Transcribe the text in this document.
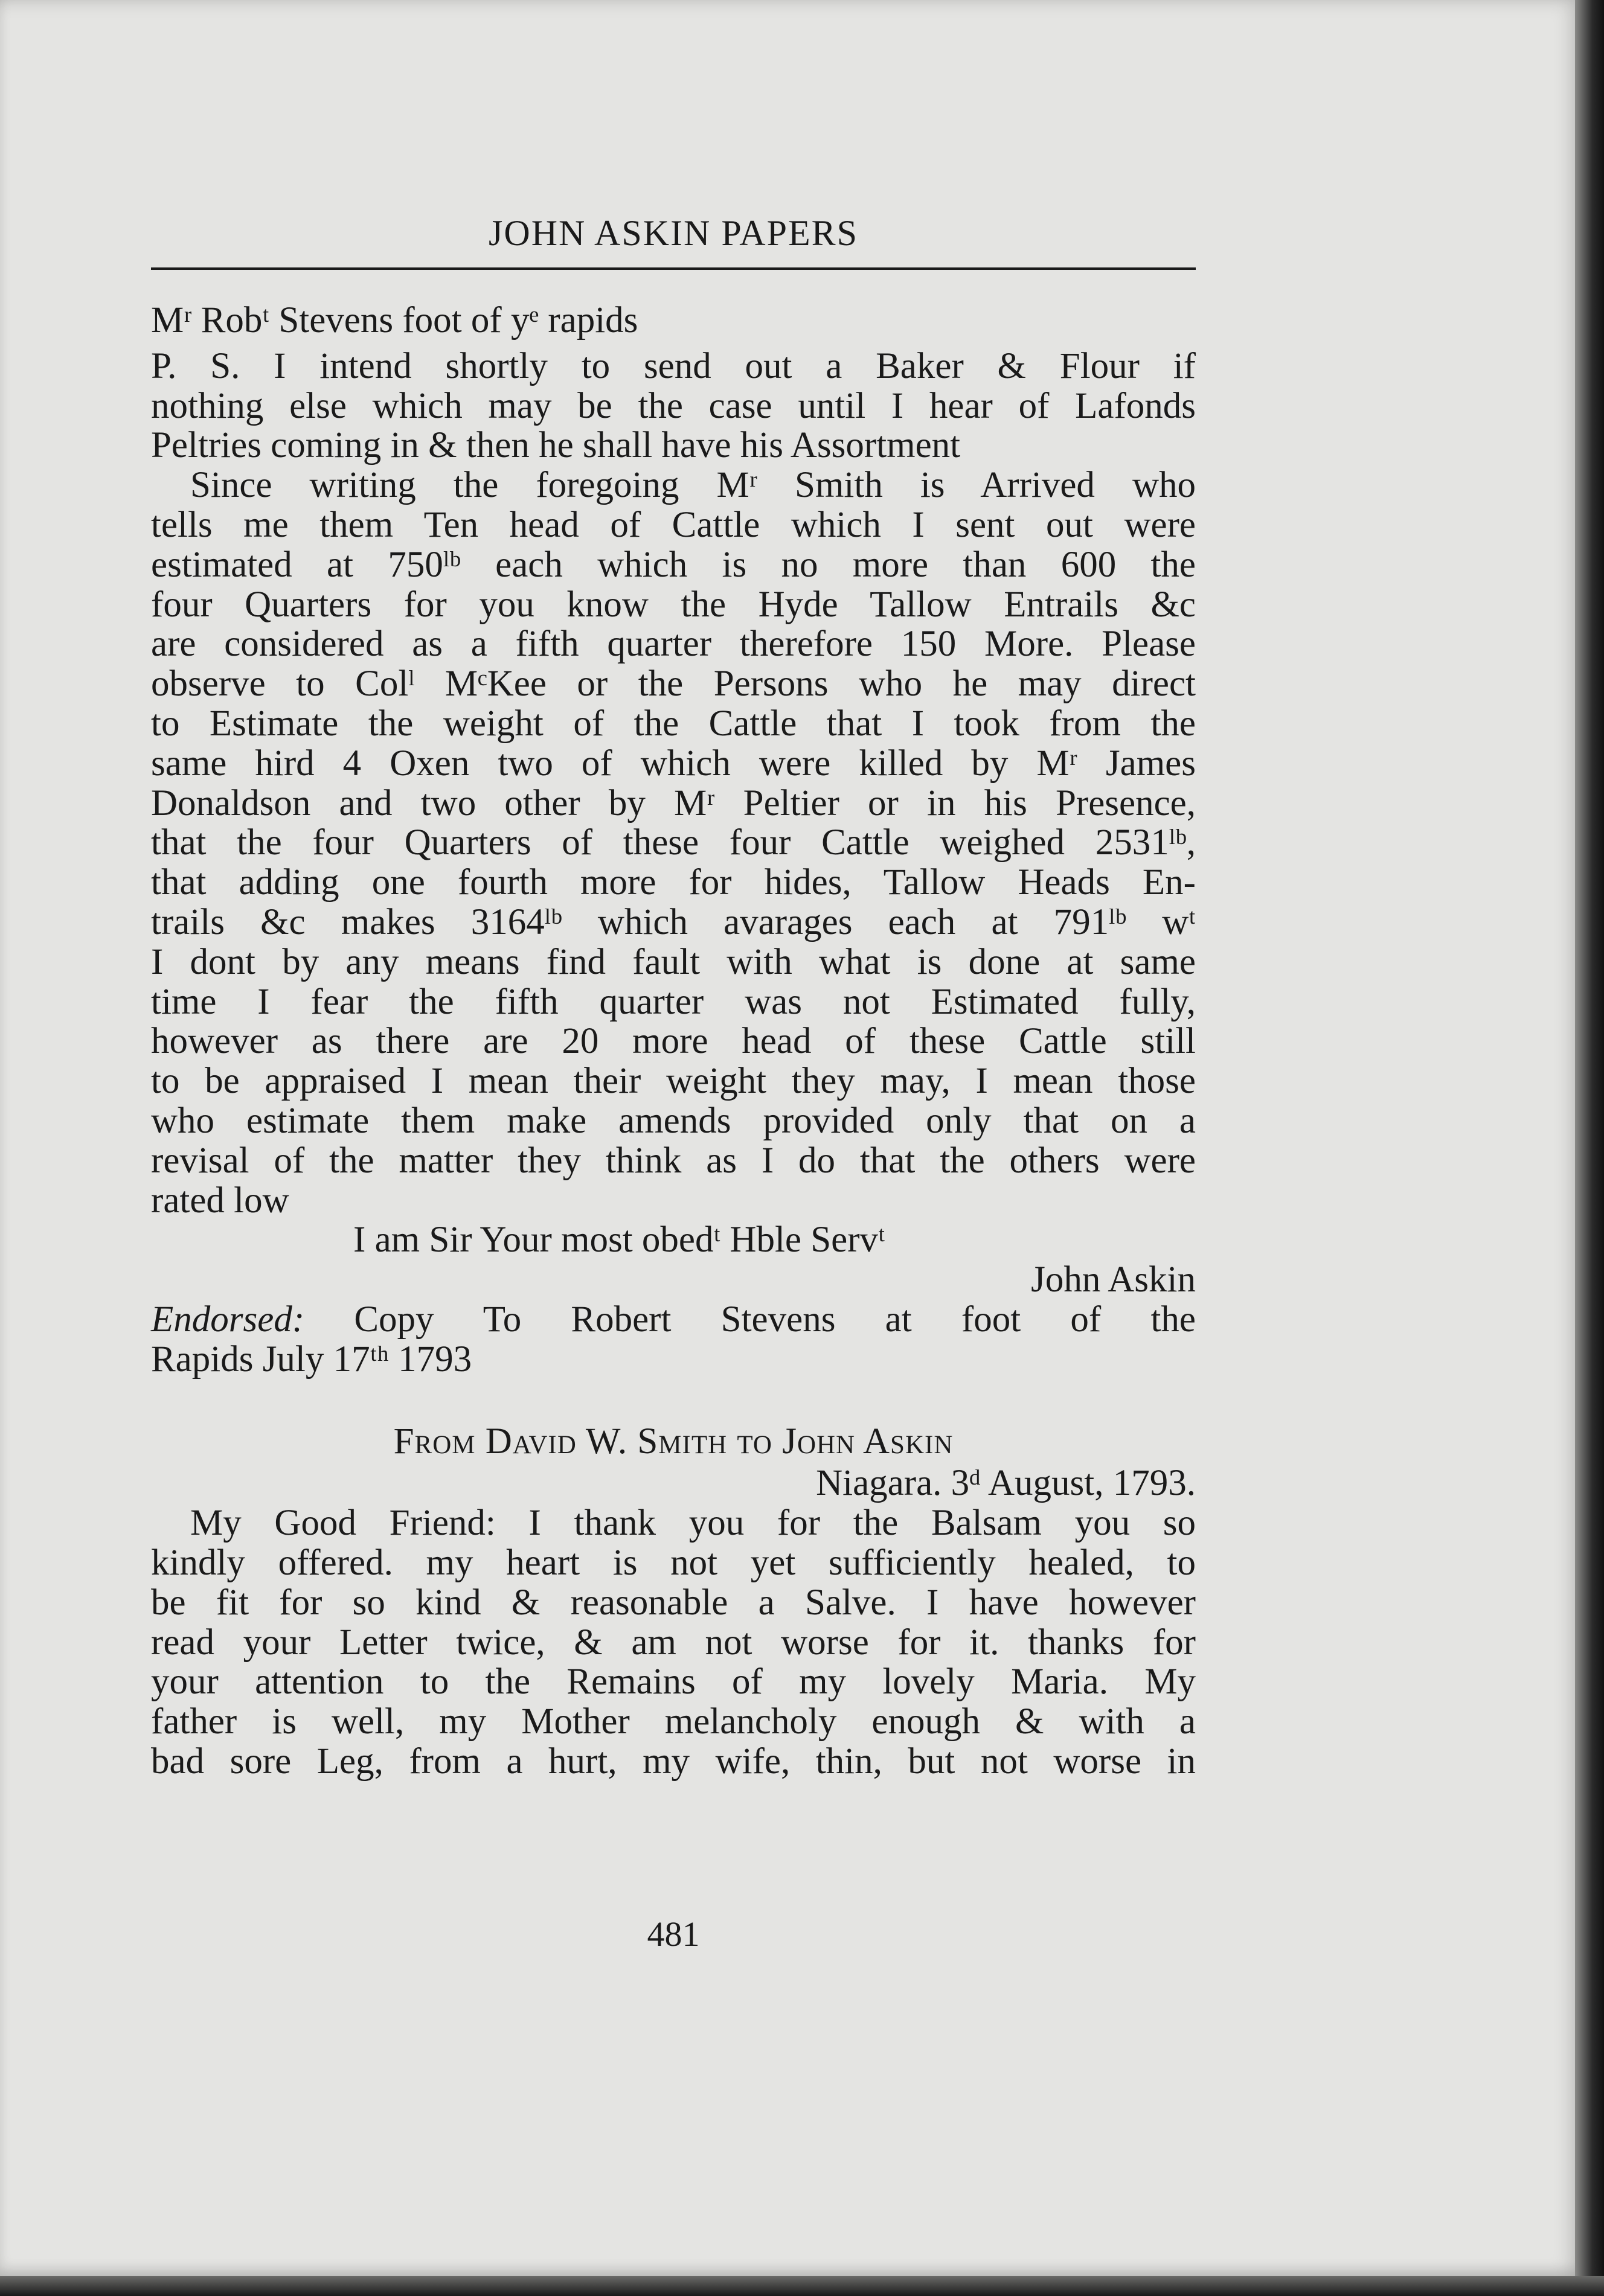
JOHN ASKIN PAPERS
Mʳ Robᵗ Stevens foot of yᵉ rapids
P. S. I intend shortly to send out a Baker & Flour if
nothing else which may be the case until I hear of Lafonds
Peltries coming in & then he shall have his Assortment
Since writing the foregoing Mʳ Smith is Arrived who
tells me them Ten head of Cattle which I sent out were
estimated at 750ˡᵇ each which is no more than 600 the
four Quarters for you know the Hyde Tallow Entrails &c
are considered as a fifth quarter therefore 150 More. Please
observe to Colˡ MᶜKee or the Persons who he may direct
to Estimate the weight of the Cattle that I took from the
same hird 4 Oxen two of which were killed by Mʳ James
Donaldson and two other by Mʳ Peltier or in his Presence,
that the four Quarters of these four Cattle weighed 2531ˡᵇ,
that adding one fourth more for hides, Tallow Heads En-
trails &c makes 3164ˡᵇ which avarages each at 791ˡᵇ wᵗ
I dont by any means find fault with what is done at same
time I fear the fifth quarter was not Estimated fully,
however as there are 20 more head of these Cattle still
to be appraised I mean their weight they may, I mean those
who estimate them make amends provided only that on a
revisal of the matter they think as I do that the others were
rated low
I am Sir Your most obedᵗ Hble Servᵗ
John Askin
Endorsed: Copy To Robert Stevens at foot of the
Rapids July 17ᵗʰ 1793
From David W. Smith to John Askin
Niagara. 3ᵈ August, 1793.
My Good Friend: I thank you for the Balsam you so
kindly offered. my heart is not yet sufficiently healed, to
be fit for so kind & reasonable a Salve. I have however
read your Letter twice, & am not worse for it. thanks for
your attention to the Remains of my lovely Maria. My
father is well, my Mother melancholy enough & with a
bad sore Leg, from a hurt, my wife, thin, but not worse in
481
